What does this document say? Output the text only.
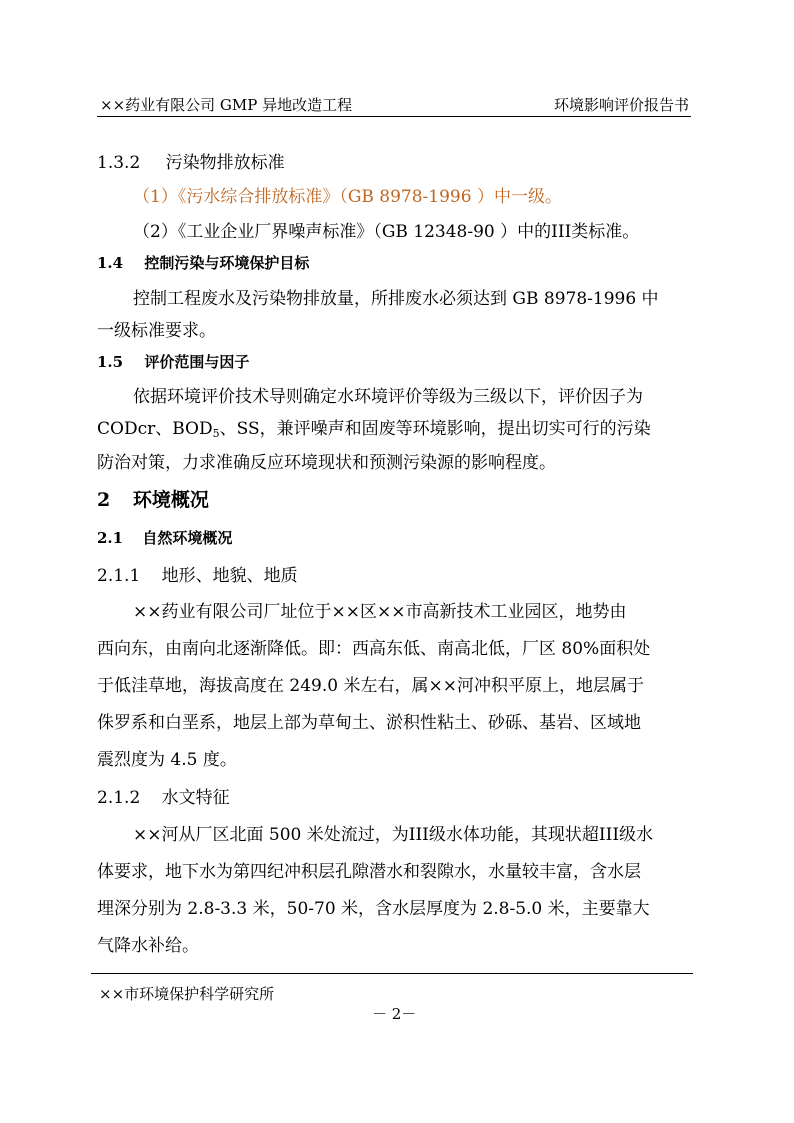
××药业有限公司 GMP 异地改造工程	环境影响评价报告书
1.3.2 污染物排放标准
（1）《污水综合排放标准》（GB 8978-1996 ）中一级。
（2）《工业企业厂界噪声标准》（GB 12348-90 ）中的III类标准。
1.4 控制污染与环境保护目标
控制工程废水及污染物排放量，所排废水必须达到 GB 8978-1996 中
一级标准要求。
1.5 评价范围与因子
依据环境评价技术导则确定水环境评价等级为三级以下，评价因子为
CODcr、$BOD_5$、SS，兼评噪声和固废等环境影响，提出切实可行的污染
防治对策，力求准确反应环境现状和预测污染源的影响程度。
2 环境概况
2.1 自然环境概况
2.1.1 地形、地貌、地质
××药业有限公司厂址位于××区××市高新技术工业园区，地势由
西向东，由南向北逐渐降低。即：西高东低、南高北低，厂区 80%面积处
于低洼草地，海拔高度在 249.0 米左右，属××河冲积平原上，地层属于
侏罗系和白垩系，地层上部为草甸土、淤积性粘土、砂砾、基岩、区域地
震烈度为 4.5 度。
2.1.2 水文特征
××河从厂区北面 500 米处流过，为III级水体功能，其现状超III级水
体要求，地下水为第四纪冲积层孔隙潜水和裂隙水，水量较丰富，含水层
埋深分别为 2.8-3.3 米，50-70 米，含水层厚度为 2.8-5.0 米，主要靠大
气降水补给。
××市环境保护科学研究所
－ 2－
